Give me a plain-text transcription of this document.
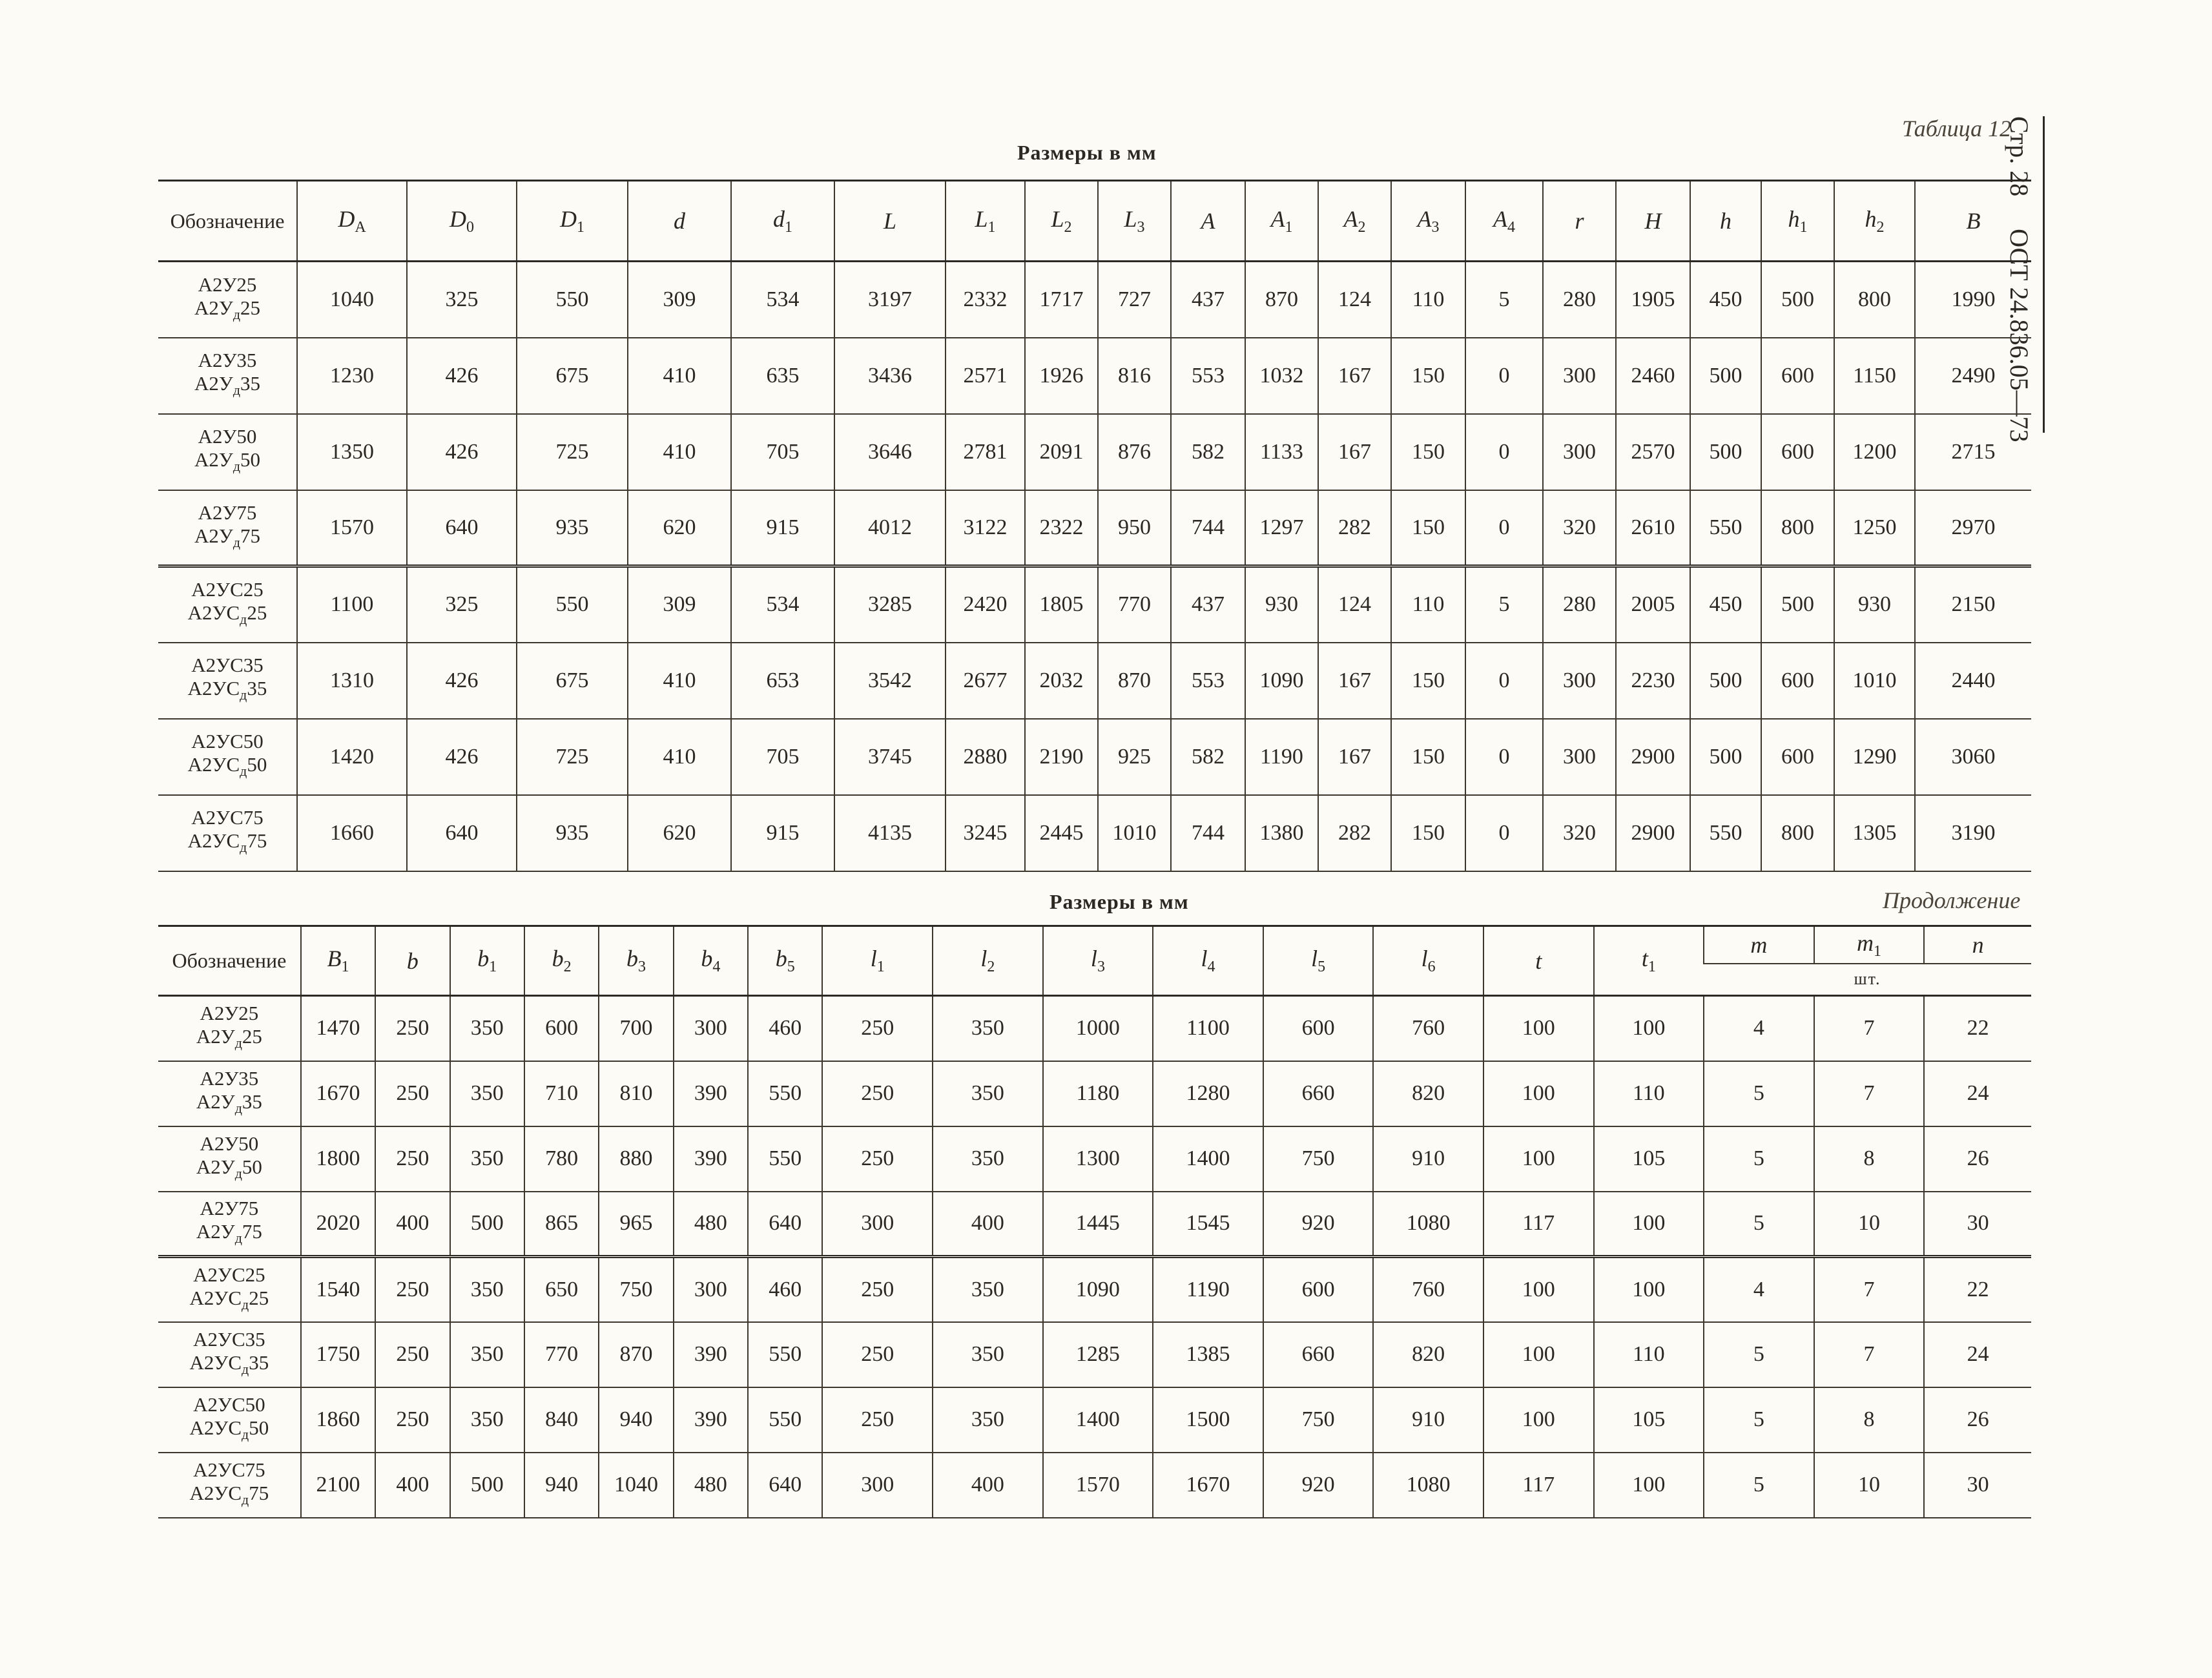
Таблица 12
Стр. 28 ОСТ 24.836.05—73
Размеры в мм
Обозначение	$D_A$	$D_0$	$D_1$	d	$d_1$	L	$L_1$	$L_2$	$L_3$	A	$A_1$	$A_2$	$A_3$	$A_4$	r	H	h	$h_1$	$h_2$	B

А2У25
$А2У_д25$	1040	325	550	309	534	3197	2332	1717	727	437	870	124	110	5	280	1905	450	500	800	1990

А2У35
$А2У_д35$	1230	426	675	410	635	3436	2571	1926	816	553	1032	167	150	0	300	2460	500	600	1150	2490

А2У50
$А2У_д50$	1350	426	725	410	705	3646	2781	2091	876	582	1133	167	150	0	300	2570	500	600	1200	2715

А2У75
$А2У_д75$	1570	640	935	620	915	4012	3122	2322	950	744	1297	282	150	0	320	2610	550	800	1250	2970

А2УС25
$А2УС_д25$	1100	325	550	309	534	3285	2420	1805	770	437	930	124	110	5	280	2005	450	500	930	2150

А2УС35
$А2УС_д35$	1310	426	675	410	653	3542	2677	2032	870	553	1090	167	150	0	300	2230	500	600	1010	2440

А2УС50
$А2УС_д50$	1420	426	725	410	705	3745	2880	2190	925	582	1190	167	150	0	300	2900	500	600	1290	3060

А2УС75
$А2УС_д75$	1660	640	935	620	915	4135	3245	2445	1010	744	1380	282	150	0	320	2900	550	800	1305	3190
Размеры в мм	Продолжение
Обозначение	$B_1$	b	$b_1$	$b_2$	$b_3$	$b_4$	$b_5$	$l_1$	$l_2$	$l_3$	$l_4$	$l_5$	$l_6$	t	$t_1$	m	$m_1$	n
																шт.		

А2У25
$А2У_д25$	1470	250	350	600	700	300	460	250	350	1000	1100	600	760	100	100	4	7	22

А2У35
$А2У_д35$	1670	250	350	710	810	390	550	250	350	1180	1280	660	820	100	110	5	7	24

А2У50
$А2У_д50$	1800	250	350	780	880	390	550	250	350	1300	1400	750	910	100	105	5	8	26

А2У75
$А2У_д75$	2020	400	500	865	965	480	640	300	400	1445	1545	920	1080	117	100	5	10	30

А2УС25
$А2УС_д25$	1540	250	350	650	750	300	460	250	350	1090	1190	600	760	100	100	4	7	22

А2УС35
$А2УС_д35$	1750	250	350	770	870	390	550	250	350	1285	1385	660	820	100	110	5	7	24

А2УС50
$А2УС_д50$	1860	250	350	840	940	390	550	250	350	1400	1500	750	910	100	105	5	8	26

А2УС75
$А2УС_д75$	2100	400	500	940	1040	480	640	300	400	1570	1670	920	1080	117	100	5	10	30
